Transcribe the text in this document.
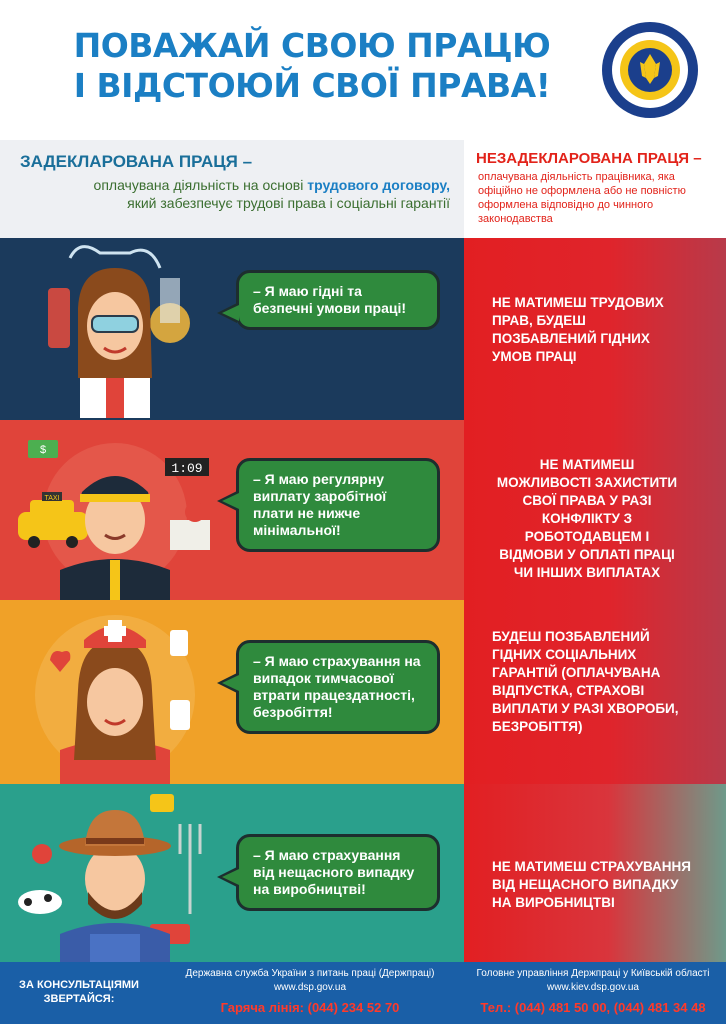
ПОВАЖАЙ СВОЮ ПРАЦЮ
І ВІДСТОЮЙ СВОЇ ПРАВА!
ЗАДЕКЛАРОВАНА ПРАЦЯ –
оплачувана діяльність на основі трудового договору,
який забезпечує трудові права і соціальні гарантії
НЕЗАДЕКЛАРОВАНА ПРАЦЯ –
оплачувана діяльність працівника, яка офіційно не оформлена або не повністю оформлена відповідно до чинного законодавства
– Я маю гідні та безпечні умови праці!	НЕ МАТИМЕШ ТРУДОВИХ ПРАВ, БУДЕШ ПОЗБАВЛЕНИЙ ГІДНИХ УМОВ ПРАЦІ
$
TAXI
1:09
– Я маю регулярну виплату заробітної плати не нижче мінімальної!
НЕ МАТИМЕШ МОЖЛИВОСТІ ЗАХИСТИТИ СВОЇ ПРАВА У РАЗІ КОНФЛІКТУ З РОБОТОДАВЦЕМ І ВІДМОВИ У ОПЛАТІ ПРАЦІ ЧИ ІНШИХ ВИПЛАТАХ
– Я маю страхування на випадок тимчасової втрати працездатності, безробіття!
БУДЕШ ПОЗБАВЛЕНИЙ ГІДНИХ СОЦІАЛЬНИХ ГАРАНТІЙ (ОПЛАЧУВАНА ВІДПУСТКА, СТРАХОВІ ВИПЛАТИ У РАЗІ ХВОРОБИ, БЕЗРОБІТТЯ)
– Я маю страхування від нещасного випадку на виробництві!
НЕ МАТИМЕШ СТРАХУВАННЯ ВІД НЕЩАСНОГО ВИПАДКУ НА ВИРОБНИЦТВІ
ЗА КОНСУЛЬТАЦІЯМИ ЗВЕРТАЙСЯ:
Державна служба України з питань праці (Держпраці)
www.dsp.gov.ua
Гаряча лінія: (044) 234 52 70
Головне управління Держпраці у Київській області
www.kiev.dsp.gov.ua
Тел.: (044) 481 50 00, (044) 481 34 48
